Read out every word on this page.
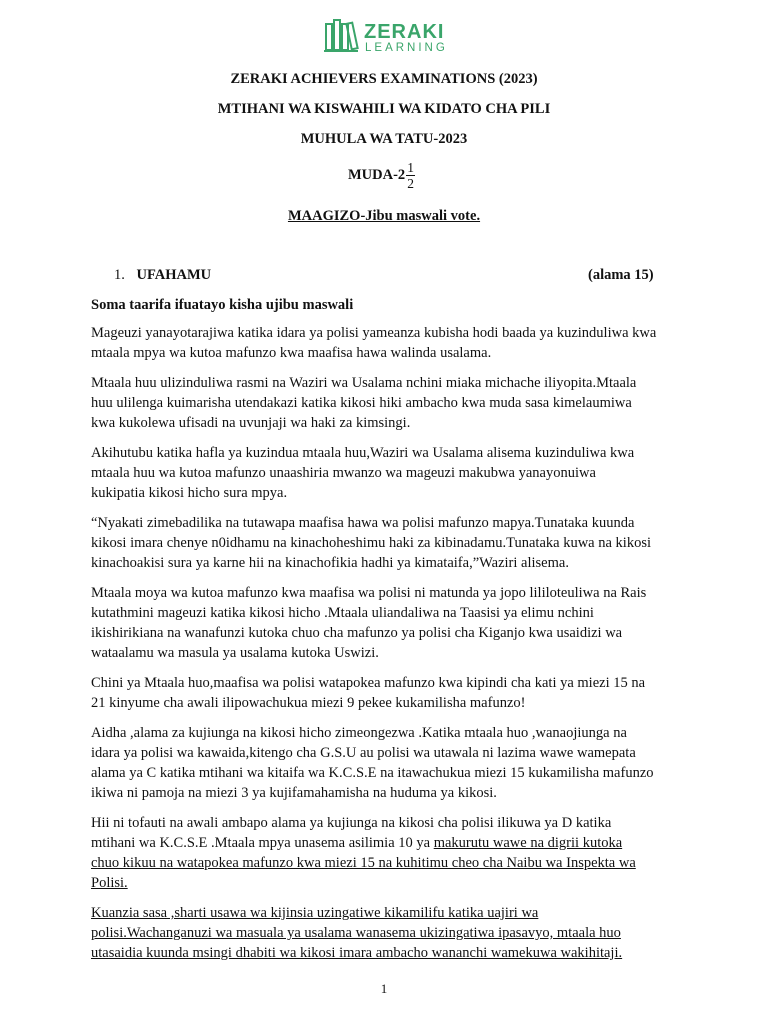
ZERAKI
LEARNING
ZERAKI ACHIEVERS EXAMINATIONS (2023)
MTIHANI WA KISWAHILI WA KIDATO CHA PILI
MUHULA WA TATU-2023
MUDA-2 $\frac{1}{2}$
MAAGIZO-Jibu maswali vote.
1. UFAHAMU	(alama 15)
Soma taarifa ifuatayo kisha ujibu maswali

Mageuzi yanayotarajiwa katika idara ya polisi yameanza kubisha hodi baada ya kuzinduliwa kwa
mtaala mpya wa kutoa mafunzo kwa maafisa hawa walinda usalama.

Mtaala huu ulizinduliwa rasmi na Waziri wa Usalama nchini miaka michache iliyopita.Mtaala
huu ulilenga kuimarisha utendakazi katika kikosi hiki ambacho kwa muda sasa kimelaumiwa
kwa kukolewa ufisadi na uvunjaji wa haki za kimsingi.

Akihutubu katika hafla ya kuzindua mtaala huu,Waziri wa Usalama alisema kuzinduliwa kwa
mtaala huu wa kutoa mafunzo unaashiria mwanzo wa mageuzi makubwa yanayonuiwa
kukipatia kikosi hicho sura mpya.

“Nyakati zimebadilika na tutawapa maafisa hawa wa polisi mafunzo mapya.Tunataka kuunda
kikosi imara chenye n0idhamu na kinachoheshimu haki za kibinadamu.Tunataka kuwa na kikosi
kinachoakisi sura ya karne hii na kinachofikia hadhi ya kimataifa,”Waziri alisema.

Mtaala moya wa kutoa mafunzo kwa maafisa wa polisi ni matunda ya jopo lililoteuliwa na Rais
kutathmini mageuzi katika kikosi hicho .Mtaala uliandaliwa na Taasisi ya elimu nchini
ikishirikiana na wanafunzi kutoka chuo cha mafunzo ya polisi cha Kiganjo kwa usaidizi wa
wataalamu wa masula ya usalama kutoka Uswizi.

Chini ya Mtaala huo,maafisa wa polisi watapokea mafunzo kwa kipindi cha kati ya miezi 15 na
21 kinyume cha awali ilipowachukua miezi 9 pekee kukamilisha mafunzo!

Aidha ,alama za kujiunga na kikosi hicho zimeongezwa .Katika mtaala huo ,wanaojiunga na
idara ya polisi wa kawaida,kitengo cha G.S.U au polisi wa utawala ni lazima wawe wamepata
alama ya C katika mtihani wa kitaifa wa K.C.S.E na itawachukua miezi 15 kukamilisha mafunzo
ikiwa ni pamoja na miezi 3 ya kujifamahamisha na huduma ya kikosi.

Hii ni tofauti na awali ambapo alama ya kujiunga na kikosi cha polisi ilikuwa ya D katika
mtihani wa K.C.S.E .Mtaala mpya unasema asilimia 10 ya makurutu wawe na digrii kutoka
chuo kikuu na watapokea mafunzo kwa miezi 15 na kuhitimu cheo cha Naibu wa Inspekta wa
Polisi.

Kuanzia sasa ,sharti usawa wa kijinsia uzingatiwe kikamilifu katika uajiri wa
polisi.Wachanganuzi wa masuala ya usalama wanasema ukizingatiwa ipasavyo, mtaala huo
utasaidia kuunda msingi dhabiti wa kikosi imara ambacho wananchi wamekuwa wakihitaji.

1
